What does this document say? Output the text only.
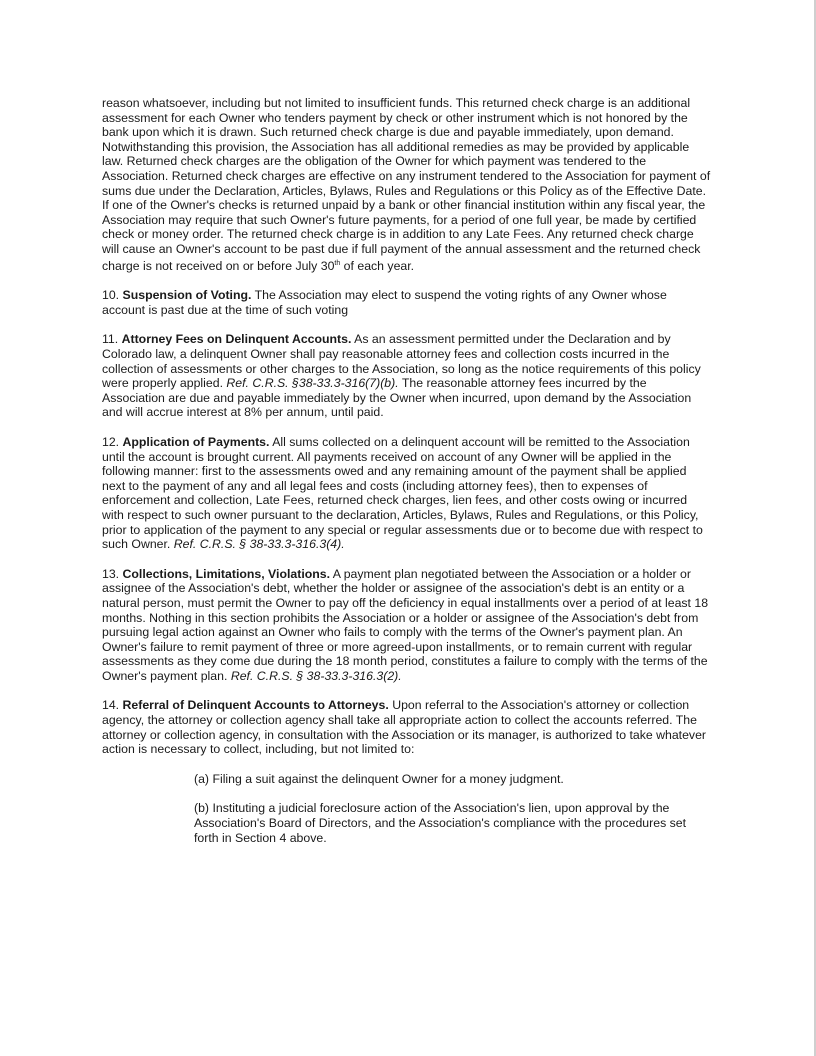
reason whatsoever, including but not limited to insufficient funds. This returned check charge is an additional assessment for each Owner who tenders payment by check or other instrument which is not honored by the bank upon which it is drawn. Such returned check charge is due and payable immediately, upon demand. Notwithstanding this provision, the Association has all additional remedies as may be provided by applicable law. Returned check charges are the obligation of the Owner for which payment was tendered to the Association. Returned check charges are effective on any instrument tendered to the Association for payment of sums due under the Declaration, Articles, Bylaws, Rules and Regulations or this Policy as of the Effective Date. If one of the Owner's checks is returned unpaid by a bank or other financial institution within any fiscal year, the Association may require that such Owner's future payments, for a period of one full year, be made by certified check or money order. The returned check charge is in addition to any Late Fees. Any returned check charge will cause an Owner's account to be past due if full payment of the annual assessment and the returned check charge is not received on or before July 30th of each year.

10. Suspension of Voting. The Association may elect to suspend the voting rights of any Owner whose account is past due at the time of such voting

11. Attorney Fees on Delinquent Accounts. As an assessment permitted under the Declaration and by Colorado law, a delinquent Owner shall pay reasonable attorney fees and collection costs incurred in the collection of assessments or other charges to the Association, so long as the notice requirements of this policy were properly applied. Ref. C.R.S. §38-33.3-316(7)(b). The reasonable attorney fees incurred by the Association are due and payable immediately by the Owner when incurred, upon demand by the Association and will accrue interest at 8% per annum, until paid.

12. Application of Payments. All sums collected on a delinquent account will be remitted to the Association until the account is brought current. All payments received on account of any Owner will be applied in the following manner: first to the assessments owed and any remaining amount of the payment shall be applied next to the payment of any and all legal fees and costs (including attorney fees), then to expenses of enforcement and collection, Late Fees, returned check charges, lien fees, and other costs owing or incurred with respect to such owner pursuant to the declaration, Articles, Bylaws, Rules and Regulations, or this Policy, prior to application of the payment to any special or regular assessments due or to become due with respect to such Owner. Ref. C.R.S. § 38-33.3-316.3(4).

13. Collections, Limitations, Violations. A payment plan negotiated between the Association or a holder or assignee of the Association's debt, whether the holder or assignee of the association's debt is an entity or a natural person, must permit the Owner to pay off the deficiency in equal installments over a period of at least 18 months. Nothing in this section prohibits the Association or a holder or assignee of the Association's debt from pursuing legal action against an Owner who fails to comply with the terms of the Owner's payment plan. An Owner's failure to remit payment of three or more agreed-upon installments, or to remain current with regular assessments as they come due during the 18 month period, constitutes a failure to comply with the terms of the Owner's payment plan. Ref. C.R.S. § 38-33.3-316.3(2).

14. Referral of Delinquent Accounts to Attorneys. Upon referral to the Association's attorney or collection agency, the attorney or collection agency shall take all appropriate action to collect the accounts referred. The attorney or collection agency, in consultation with the Association or its manager, is authorized to take whatever action is necessary to collect, including, but not limited to:

(a) Filing a suit against the delinquent Owner for a money judgment.

(b) Instituting a judicial foreclosure action of the Association's lien, upon approval by the Association's Board of Directors, and the Association's compliance with the procedures set forth in Section 4 above.
